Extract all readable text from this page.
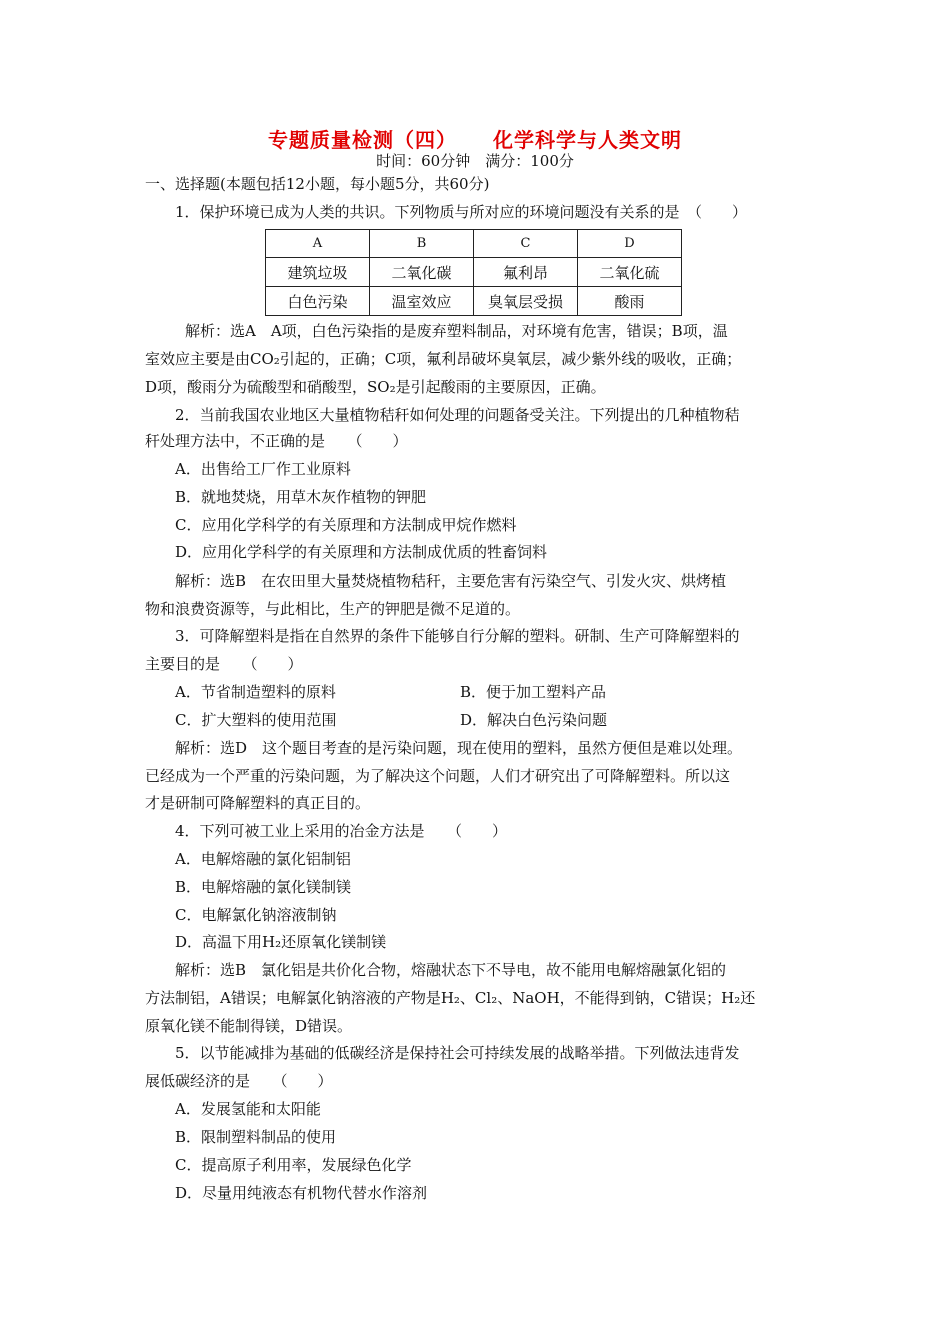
专题质量检测（四） 化学科学与人类文明
时间：60分钟　满分：100分
一、选择题(本题包括12小题，每小题5分，共60分)
1．保护环境已成为人类的共识。下列物质与所对应的环境问题没有关系的是　（　　）
A	B	C	D
建筑垃圾	二氧化碳	氟利昂	二氧化硫
白色污染	温室效应	臭氧层受损	酸雨
解析：选A　A项，白色污染指的是废弃塑料制品，对环境有危害，错误；B项，温
室效应主要是由CO₂引起的，正确；C项，氟利昂破坏臭氧层，减少紫外线的吸收，正确；
D项，酸雨分为硫酸型和硝酸型，SO₂是引起酸雨的主要原因，正确。
2．当前我国农业地区大量植物秸秆如何处理的问题备受关注。下列提出的几种植物秸
秆处理方法中，不正确的是　　（　　）
A．出售给工厂作工业原料
B．就地焚烧，用草木灰作植物的钾肥
C．应用化学科学的有关原理和方法制成甲烷作燃料
D．应用化学科学的有关原理和方法制成优质的牲畜饲料
解析：选B　在农田里大量焚烧植物秸秆，主要危害有污染空气、引发火灾、烘烤植
物和浪费资源等，与此相比，生产的钾肥是微不足道的。
3．可降解塑料是指在自然界的条件下能够自行分解的塑料。研制、生产可降解塑料的
主要目的是　　（　　）
A．节省制造塑料的原料	B．便于加工塑料产品
C．扩大塑料的使用范围	D．解决白色污染问题
解析：选D　这个题目考查的是污染问题，现在使用的塑料，虽然方便但是难以处理。
已经成为一个严重的污染问题，为了解决这个问题，人们才研究出了可降解塑料。所以这
才是研制可降解塑料的真正目的。
4．下列可被工业上采用的冶金方法是　　（　　）
A．电解熔融的氯化铝制铝
B．电解熔融的氯化镁制镁
C．电解氯化钠溶液制钠
D．高温下用H₂还原氧化镁制镁
解析：选B　氯化铝是共价化合物，熔融状态下不导电，故不能用电解熔融氯化铝的
方法制铝，A错误；电解氯化钠溶液的产物是H₂、Cl₂、NaOH，不能得到钠，C错误；H₂还
原氧化镁不能制得镁，D错误。
5．以节能减排为基础的低碳经济是保持社会可持续发展的战略举措。下列做法违背发
展低碳经济的是　　（　　）
A．发展氢能和太阳能
B．限制塑料制品的使用
C．提高原子利用率，发展绿色化学
D．尽量用纯液态有机物代替水作溶剂
